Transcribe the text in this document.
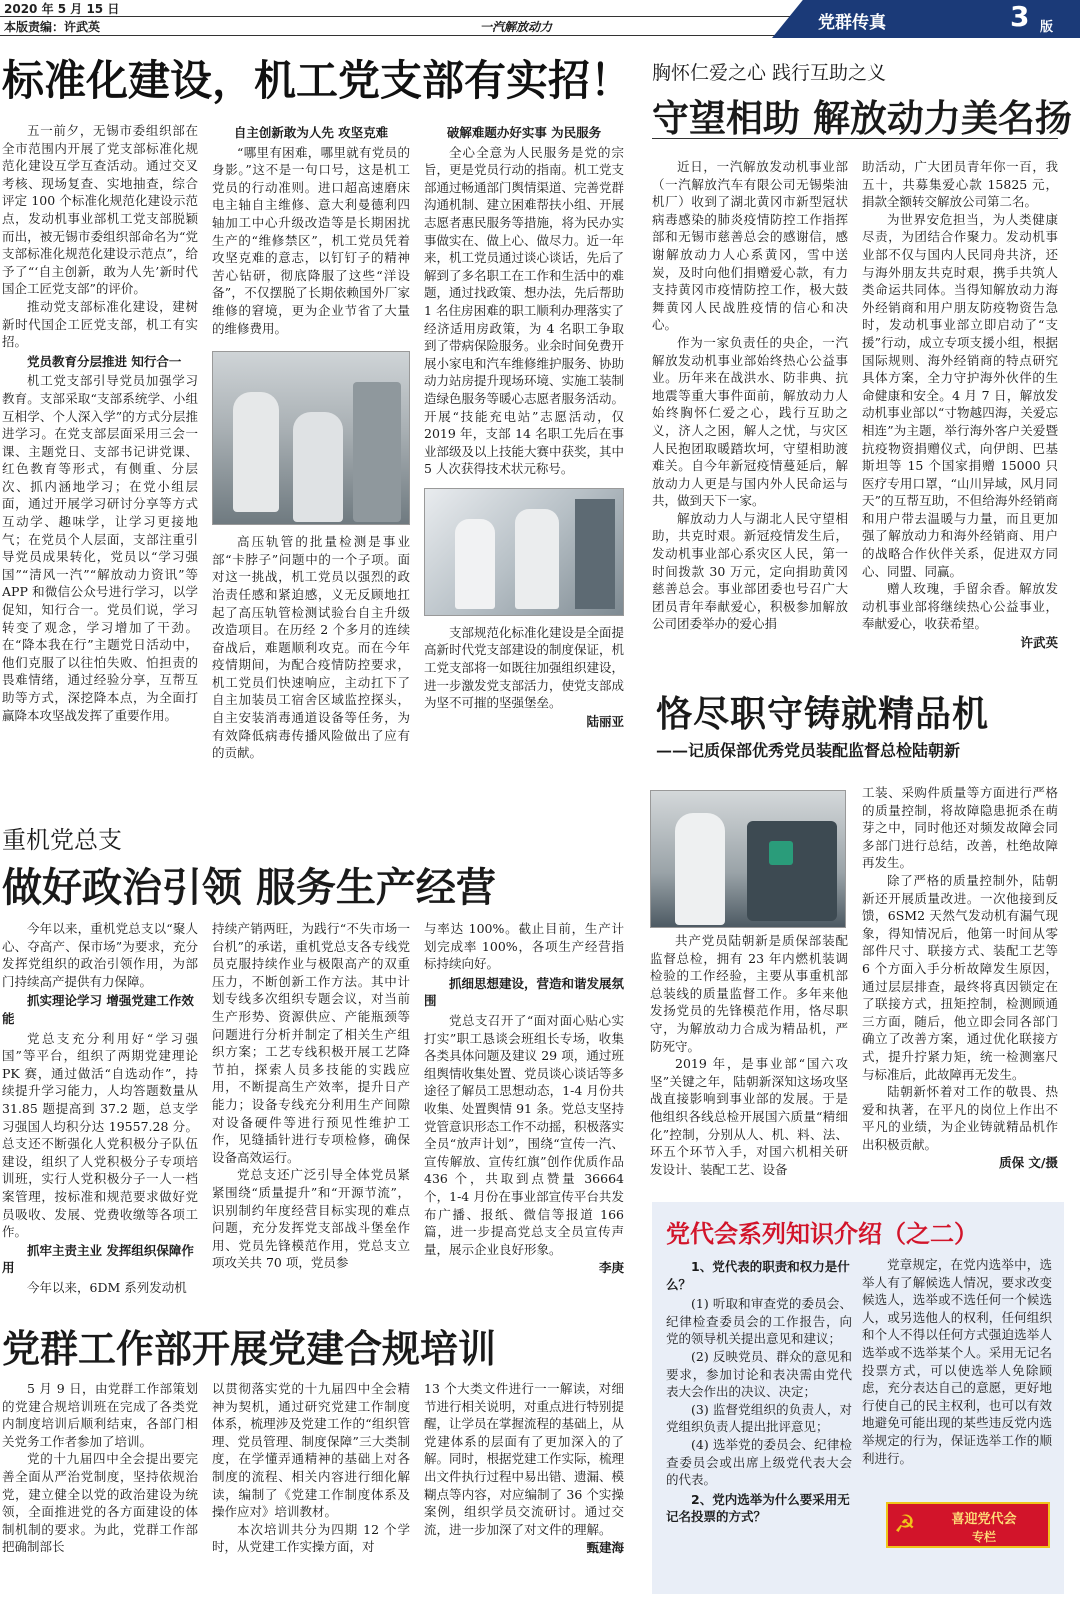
2020 年 5 月 15 日
本版责编：许武英	一汽解放动力	党群传真	3 版
标准化建设，机工党支部有实招！

五一前夕，无锡市委组织部在全市范围内开展了党支部标准化规范化建设互学互查活动。通过交叉考核、现场复查、实地抽查，综合评定 100 个标准化规范化建设示范点，发动机事业部机工党支部脱颖而出，被无锡市委组织部命名为“党支部标准化规范化建设示范点”，给予了“‘自主创新，敢为人先’新时代国企工匠党支部”的评价。

推动党支部标准化建设，建树新时代国企工匠党支部，机工有实招。

党员教育分层推进 知行合一

机工党支部引导党员加强学习教育。支部采取“支部系统学、小组互相学、个人深入学”的方式分层推进学习。在党支部层面采用三会一课、主题党日、支部书记讲党课、红色教育等形式，有侧重、分层次、抓内涵地学习；在党小组层面，通过开展学习研讨分享等方式互动学、趣味学，让学习更接地气；在党员个人层面，支部注重引导党员成果转化，党员以“学习强国”“清风一汽”“解放动力资讯”等 APP 和微信公众号进行学习，以学促知，知行合一。党员们说，学习转变了观念，学习增加了干劲。在“降本我在行”主题党日活动中，他们克服了以往怕失败、怕担责的畏难情绪，通过经验分享，互帮互助等方式，深挖降本点，为全面打赢降本攻坚战发挥了重要作用。

自主创新敢为人先 攻坚克难

“哪里有困难，哪里就有党员的身影。”这不是一句口号，这是机工党员的行动准则。进口超高速磨床电主轴自主维修、意大利曼德利四轴加工中心升级改造等是长期困扰生产的“维修禁区”，机工党员凭着攻坚克难的意志，以钉钉子的精神苦心钻研，彻底降服了这些“洋设备”，不仅摆脱了长期依赖国外厂家维修的窘境，更为企业节省了大量的维修费用。

高压轨管的批量检测是事业部“卡脖子”问题中的一个子项。面对这一挑战，机工党员以强烈的政治责任感和紧迫感，义无反顾地扛起了高压轨管检测试验台自主升级改造项目。在历经 2 个多月的连续奋战后，难题顺利攻克。而在今年疫情期间，为配合疫情防控要求，机工党员们快速响应，主动扛下了自主加装员工宿舍区域监控探头，自主安装消毒通道设备等任务，为有效降低病毒传播风险做出了应有的贡献。

破解难题办好实事 为民服务

全心全意为人民服务是党的宗旨，更是党员行动的指南。机工党支部通过畅通部门舆情渠道、完善党群沟通机制、建立困难帮扶小组、开展志愿者惠民服务等措施，将为民办实事做实在、做上心、做尽力。近一年来，机工党员通过谈心谈话，先后了解到了多名职工在工作和生活中的难题，通过找政策、想办法，先后帮助 1 名住房困难的职工顺利办理落实了经济适用房政策，为 4 名职工争取到了带病保险服务。业余时间免费开展小家电和汽车维修维护服务、协助动力站房提升现场环境、实施工装制造绿色服务等暖心志愿者服务活动。开展“技能充电站”志愿活动，仅 2019 年，支部 14 名职工先后在事业部级及以上技能大赛中获奖，其中 5 人次获得技术状元称号。

支部规范化标准化建设是全面提高新时代党支部建设的制度保证，机工党支部将一如既往加强组织建设，进一步激发党支部活力，使党支部成为坚不可摧的坚强堡垒。

陆丽亚

胸怀仁爱之心 践行互助之义
守望相助 解放动力美名扬

近日，一汽解放发动机事业部（一汽解放汽车有限公司无锡柴油机厂）收到了湖北黄冈市新型冠状病毒感染的肺炎疫情防控工作指挥部和无锡市慈善总会的感谢信，感谢解放动力人心系黄冈，雪中送炭，及时向他们捐赠爱心款，有力支持黄冈市疫情防控工作，极大鼓舞黄冈人民战胜疫情的信心和决心。

作为一家负责任的央企，一汽解放发动机事业部始终热心公益事业。历年来在战洪水、防非典、抗地震等重大事件面前，解放动力人始终胸怀仁爱之心，践行互助之义，济人之困，解人之忧，与灾区人民抱团取暖踏坎坷，守望相助渡难关。自今年新冠疫情蔓延后，解放动力人更是与国内外人民命运与共，做到天下一家。

解放动力人与湖北人民守望相助，共克时艰。新冠疫情发生后，发动机事业部心系灾区人民，第一时间拨款 30 万元，定向捐助黄冈慈善总会。事业部团委也号召广大团员青年奉献爱心，积极参加解放公司团委举办的爱心捐

助活动，广大团员青年你一百，我五十，共募集爱心款 15825 元，捐款全额转交解放公司第二名。

为世界安危担当，为人类健康尽责，为团结合作聚力。发动机事业部不仅与国内人民同舟共济，还与海外朋友共克时艰，携手共筑人类命运共同体。当得知解放动力海外经销商和用户朋友防疫物资告急时，发动机事业部立即启动了“支援”行动，成立专项支援小组，根据国际规则、海外经销商的特点研究具体方案，全力守护海外伙伴的生命健康和安全。4 月 7 日，解放发动机事业部以“寸物越四海，关爱忘相连”为主题，举行海外客户关爱暨抗疫物资捐赠仪式，向伊朗、巴基斯坦等 15 个国家捐赠 15000 只医疗专用口罩，“山川异域，风月同天”的互帮互助，不但给海外经销商和用户带去温暖与力量，而且更加强了解放动力和海外经销商、用户的战略合作伙伴关系，促进双方同心、同盟、同赢。

赠人玫瑰，手留余香。解放发动机事业部将继续热心公益事业，奉献爱心，收获希望。

许武英

恪尽职守铸就精品机
——记质保部优秀党员装配监督总检陆朝新

共产党员陆朝新是质保部装配监督总检，拥有 23 年内燃机装调检验的工作经验，主要从事重机部总装线的质量监督工作。多年来他发扬党员的先锋模范作用，恪尽职守，为解放动力合成为精品机，严防死守。

2019 年，是事业部“国六攻坚”关键之年，陆朝新深知这场攻坚战直接影响到事业部的发展。于是他组织各线总检开展国六质量“精细化”控制，分别从人、机、料、法、环五个环节入手，对国六机相关研发设计、装配工艺、设备

工装、采购件质量等方面进行严格的质量控制，将故障隐患扼杀在萌芽之中，同时他还对频发故障会同多部门进行总结，改善，杜绝故障再发生。

除了严格的质量控制外，陆朝新还开展质量改进。一次他接到反馈，6SM2 天然气发动机有漏气现象，得知情况后，他第一时间从零部件尺寸、联接方式、装配工艺等 6 个方面入手分析故障发生原因，通过层层排查，最终将真因锁定在了联接方式，扭矩控制，检测顾通三方面，随后，他立即会同各部门确立了改善方案，通过优化联接方式，提升拧紧力矩，统一检测塞尺与标准后，此故障再无发生。

陆朝新怀着对工作的敬畏、热爱和执著，在平凡的岗位上作出不平凡的业绩，为企业铸就精品机作出积极贡献。

质保 文/摄

重机党总支
做好政治引领 服务生产经营

今年以来，重机党总支以“聚人心、夺高产、保市场”为要求，充分发挥党组织的政治引领作用，为部门持续高产提供有力保障。

抓实理论学习 增强党建工作效能

党总支充分利用好“学习强国”等平台，组织了两期党建理论 PK 赛，通过做活“自选动作”，持续提升学习能力，人均答题数量从 31.85 题提高到 37.2 题，总支学习强国人均积分达 19557.28 分。总支还不断强化人党积极分子队伍建设，组织了人党积极分子专项培训班，实行人党积极分子一人一档案管理，按标准和规范要求做好党员吸收、发展、党费收缴等各项工作。

抓牢主责主业 发挥组织保障作用

今年以来，6DM 系列发动机

持续产销两旺，为践行“不失市场一台机”的承诺，重机党总支各专线党员克服持续作业与极限高产的双重压力，不断创新工作方法。其中计划专线多次组织专题会议，对当前生产形势、资源供应、产能瓶颈等问题进行分析并制定了相关生产组织方案；工艺专线积极开展工艺降节拍，探索人员多技能的实践应用，不断提高生产效率，提升日产能力；设备专线充分利用生产间隙对设备硬件等进行预见性维护工作，见缝插针进行专项检修，确保设备高效运行。

党总支还广泛引导全体党员紧紧围绕“质量提升”和“开源节流”，识别制约年度经营目标实现的难点问题，充分发挥党支部战斗堡垒作用、党员先锋模范作用，党总支立项攻关共 70 项，党员参

与率达 100%。截止目前，生产计划完成率 100%，各项生产经营指标持续向好。

抓细思想建设，营造和谐发展氛围

党总支召开了“面对面心贴心实打实”职工恳谈会班组长专场，收集各类具体问题及建议 29 项，通过班组舆情收集处置、党员谈心谈话等多途径了解员工思想动态，1-4 月份共收集、处置舆情 91 条。党总支坚持党管意识形态工作不动摇，积极落实全员“放声计划”，围绕“宣传一汽、宣传解放、宣传红旗”创作优质作品 436 个，共取到点赞量 36664 个，1-4 月份在事业部宣传平台共发布广播、报纸、微信等报道 166 篇，进一步提高党总支全员宣传声量，展示企业良好形象。

李庚

党群工作部开展党建合规培训

5 月 9 日，由党群工作部策划的党建合规培训班在完成了各类党内制度培训后顺利结束，各部门相关党务工作者参加了培训。

党的十九届四中全会提出要完善全面从严治党制度，坚持依规治党，建立健全以党的政治建设为统领，全面推进党的各方面建设的体制机制的要求。为此，党群工作部把确制部长

以贯彻落实党的十九届四中全会精神为契机，通过研究党建工作制度体系，梳理涉及党建工作的“组织管理、党员管理、制度保障”三大类制度，在学懂弄通精神的基础上对各制度的流程、相关内容进行细化解读，编制了《党建工作制度体系及操作应对》培训教材。

本次培训共分为四期 12 个学时，从党建工作实操方面，对

13 个大类文件进行一一解读，对细节进行相关说明，对重点进行特别提醒，让学员在掌握流程的基础上，从党建体系的层面有了更加深入的了解。同时，根据党建工作实际，梳理出文件执行过程中易出错、遗漏、模糊点等内容，对应编制了 36 个实操案例，组织学员交流研讨。通过交流，进一步加深了对文件的理解。

甄建海

党代会系列知识介绍（之二）

1、党代表的职责和权力是什么？

(1) 听取和审查党的委员会、纪律检查委员会的工作报告，向党的领导机关提出意见和建议；

(2) 反映党员、群众的意见和要求，参加讨论和表决需由党代表大会作出的决议、决定；

(3) 监督党组织的负责人，对党组织负责人提出批评意见；

(4) 选举党的委员会、纪律检查委员会或出席上级党代表大会的代表。

2、党内选举为什么要采用无记名投票的方式？

党章规定，在党内选举中，选举人有了解候选人情况，要求改变候选人，选举或不选任何一个候选人，或另选他人的权利，任何组织和个人不得以任何方式强迫选举人选举或不选举某个人。采用无记名投票方式，可以使选举人免除顾虑，充分表达自己的意愿，更好地行使自己的民主权利，也可以有效地避免可能出现的某些违反党内选举规定的行为，保证选举工作的顺利进行。

☭	喜迎党代会
专栏
